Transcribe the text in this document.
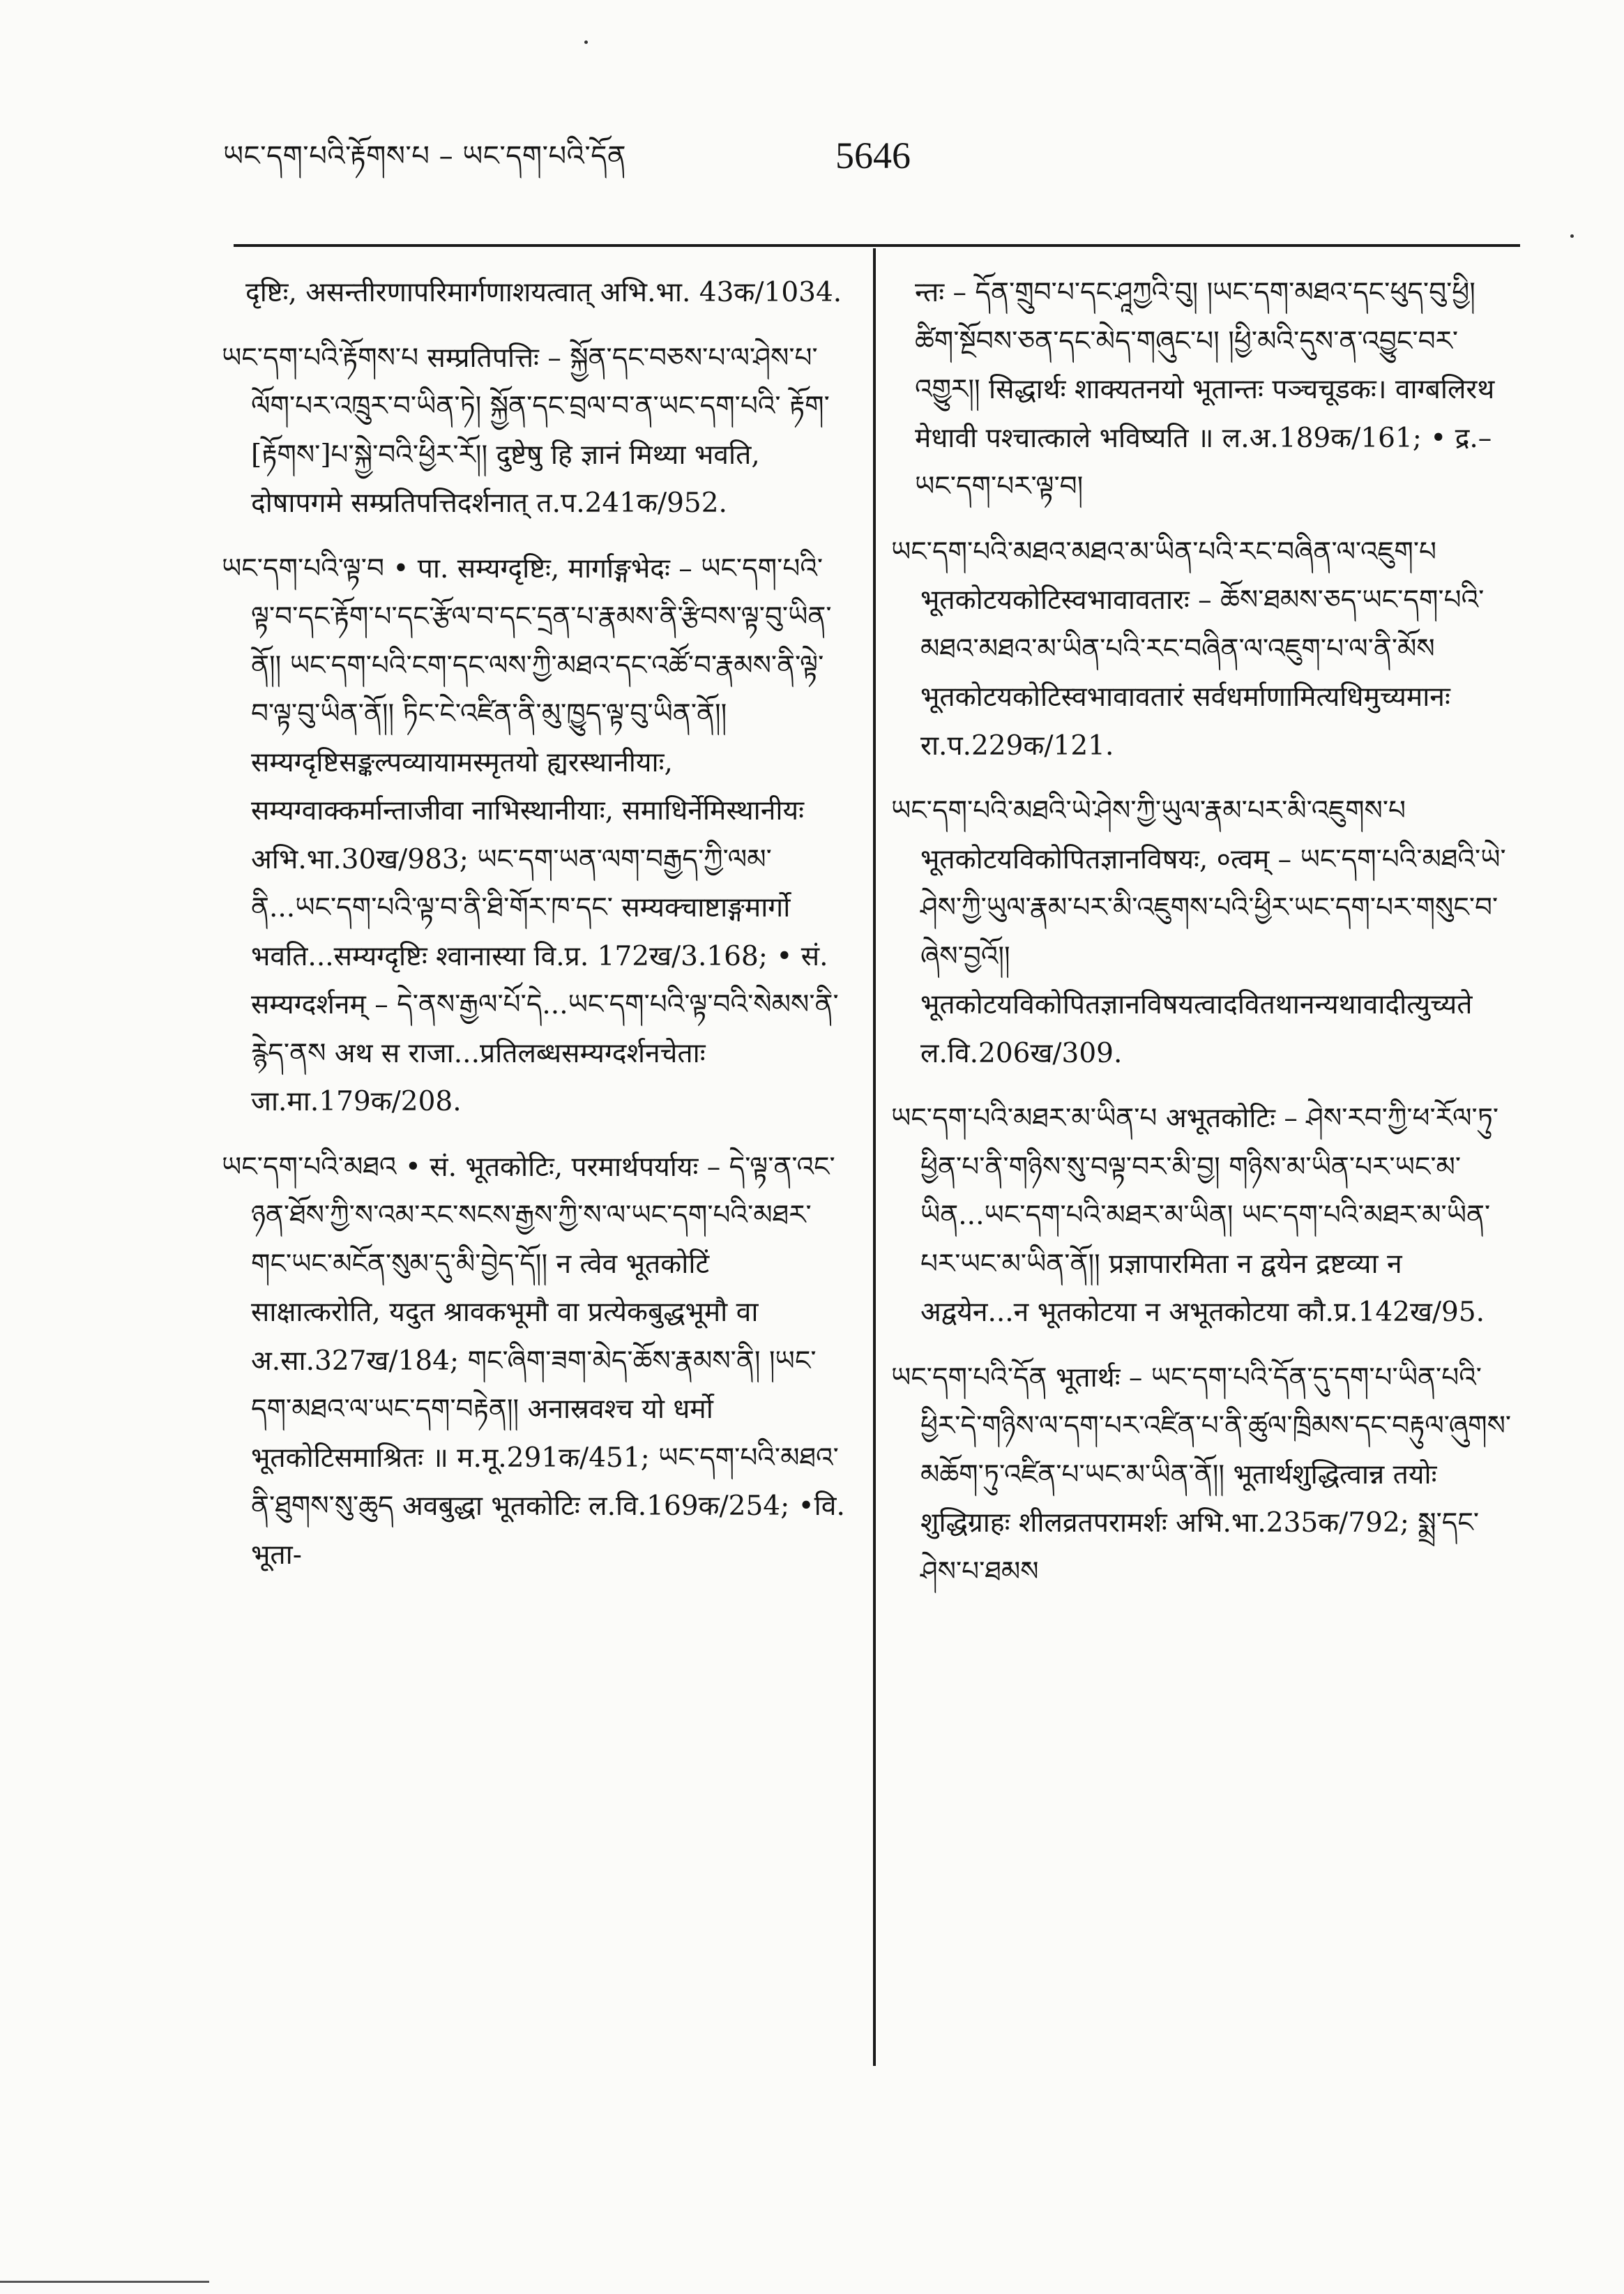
ཡང་དག་པའི་རྟོགས་པ – ཡང་དག་པའི་དོན	5646

दृष्टिः, असन्तीरणापरिमार्गणाशयत्वात् अभि.भा. 43क/1034.

ཡང་དག་པའི་རྟོགས་པ सम्प्रतिपत्तिः – སྐྱོན་དང་བཅས་པ་ལ་ཤེས་པ་ལོག་པར་འཁྲུར་བ་ཡིན་ཏེ། སྐྱོན་དང་བྲལ་བ་ན་ཡང་དག་པའི་ རྟོག་[རྟོགས་]པ་སྐྱེ་བའི་ཕྱིར་རོ།། दुष्टेषु हि ज्ञानं मिथ्या भवति, दोषापगमे सम्प्रतिपत्तिदर्शनात् त.प.241क/952.

ཡང་དག་པའི་ལྟ་བ • पा. सम्यग्दृष्टिः, मार्गाङ्गभेदः – ཡང་དག་པའི་ལྟ་བ་དང་རྟོག་པ་དང་རྩོལ་བ་དང་དྲན་པ་རྣམས་ནི་རྩིབས་ལྟ་བུ་ཡིན་ནོ།། ཡང་དག་པའི་ངག་དང་ལས་ཀྱི་མཐའ་དང་འཚོ་བ་རྣམས་ནི་ལྟེ་བ་ལྟ་བུ་ཡིན་ནོ།། ཏིང་ངེ་འཛིན་ནི་མུ་ཁྱུད་ལྟ་བུ་ཡིན་ནོ།། सम्यग्दृष्टिसङ्कल्पव्यायामस्मृतयो ह्यरस्थानीयाः, सम्यग्वाक्कर्मान्ताजीवा नाभिस्थानीयाः, समाधिर्नेमिस्थानीयः अभि.भा.30ख/983; ཡང་དག་ཡན་ལག་བརྒྱད་ཀྱི་ལམ་ནི...ཡང་དག་པའི་ལྟ་བ་ནི་ཐི་གོར་ཁ་དང་ सम्यक्चाष्टाङ्गमार्गो भवति...सम्यग्दृष्टिः श्वानास्या वि.प्र. 172ख/3.168; • सं. सम्यग्दर्शनम् – དེ་ནས་རྒྱལ་པོ་དེ...ཡང་དག་པའི་ལྟ་བའི་སེམས་ནི་རྙེད་ནས अथ स राजा...प्रतिलब्धसम्यग्दर्शनचेताः जा.मा.179क/208.

ཡང་དག་པའི་མཐའ • सं. भूतकोटिः, परमार्थपर्यायः – དེ་ལྟ་ན་འང་ཉན་ཐོས་ཀྱི་ས་འམ་རང་སངས་རྒྱས་ཀྱི་ས་ལ་ཡང་དག་པའི་མཐར་གང་ཡང་མངོན་སུམ་དུ་མི་བྱེད་དོ།། न त्वेव भूतकोटिं साक्षात्करोति, यदुत श्रावकभूमौ वा प्रत्येकबुद्धभूमौ वा अ.सा.327ख/184; གང་ཞིག་ཟག་མེད་ཆོས་རྣམས་ནི། །ཡང་དག་མཐའ་ལ་ཡང་དག་བརྟེན།། अनास्रवश्च यो धर्मो भूतकोटिसमाश्रितः ॥ म.मू.291क/451; ཡང་དག་པའི་མཐའ་ནི་ཐུགས་སུ་ཆུད अवबुद्धा भूतकोटिः ल.वि.169क/254; •वि. भूता-

न्तः – དོན་གྲུབ་པ་དང་ཤཱཀྱའི་བུ། །ཡང་དག་མཐའ་དང་ཕུད་བུ་ཕྱི། ཚིག་སྔོབས་ཅན་དང་མེད་གཞུང་པ། །ཕྱི་མའི་དུས་ན་འབྱུང་བར་འགྱུར།། सिद्धार्थः शाक्यतनयो भूतान्तः पञ्चचूडकः। वाग्बलिरथ मेधावी पश्चात्काले भविष्यति ॥ ल.अ.189क/161; • द्र.– ཡང་དག་པར་ལྟ་བ།

ཡང་དག་པའི་མཐའ་མཐའ་མ་ཡིན་པའི་རང་བཞིན་ལ་འཇུག་པ भूतकोटयकोटिस्वभावावतारः – ཆོས་ཐམས་ཅད་ཡང་དག་པའི་མཐའ་མཐའ་མ་ཡིན་པའི་རང་བཞིན་ལ་འཇུག་པ་ལ་ནི་མོས भूतकोटयकोटिस्वभावावतारं सर्वधर्माणामित्यधिमुच्यमानः रा.प.229क/121.

ཡང་དག་པའི་མཐའི་ཡེ་ཤེས་ཀྱི་ཡུལ་རྣམ་པར་མི་འཇུགས་པ भूतकोटयविकोपितज्ञानविषयः, ०त्वम् – ཡང་དག་པའི་མཐའི་ཡེ་ཤེས་ཀྱི་ཡུལ་རྣམ་པར་མི་འཇུགས་པའི་ཕྱིར་ཡང་དག་པར་གསུང་བ་ཞེས་བྱའོ།། भूतकोटयविकोपितज्ञानविषयत्वादवितथानन्यथावादीत्युच्यते ल.वि.206ख/309.

ཡང་དག་པའི་མཐར་མ་ཡིན་པ अभूतकोटिः – ཤེས་རབ་ཀྱི་ཕ་རོལ་ཏུ་ཕྱིན་པ་ནི་གཉིས་སུ་བལྟ་བར་མི་བྱ། གཉིས་མ་ཡིན་པར་ཡང་མ་ཡིན...ཡང་དག་པའི་མཐར་མ་ཡིན། ཡང་དག་པའི་མཐར་མ་ཡིན་པར་ཡང་མ་ཡིན་ནོ།། प्रज्ञापारमिता न द्वयेन द्रष्टव्या न अद्वयेन...न भूतकोटया न अभूतकोटया कौ.प्र.142ख/95.

ཡང་དག་པའི་དོན भूतार्थः – ཡང་དག་པའི་དོན་དུ་དག་པ་ཡིན་པའི་ཕྱིར་དེ་གཉིས་ལ་དག་པར་འཛིན་པ་ནི་ཚུལ་ཁྲིམས་དང་བརྟུལ་ཞུགས་མཆོག་ཏུ་འཛིན་པ་ཡང་མ་ཡིན་ནོ།། भूतार्थशुद्धित्वान्न तयोः शुद्धिग्राहः शीलव्रतपरामर्शः अभि.भा.235क/792; སྨྲ་དང་ཤེས་པ་ཐམས
